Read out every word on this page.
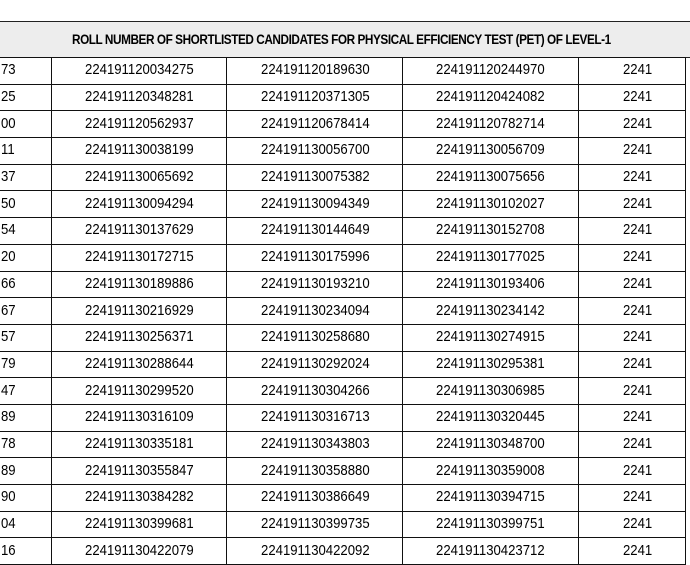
ROLL NUMBER OF SHORTLISTED CANDIDATES FOR PHYSICAL EFFICIENCY TEST (PET) OF LEVEL-1
73	224191120034275	224191120189630	224191120244970	2241
25	224191120348281	224191120371305	224191120424082	2241
00	224191120562937	224191120678414	224191120782714	2241
11	224191130038199	224191130056700	224191130056709	2241
37	224191130065692	224191130075382	224191130075656	2241
50	224191130094294	224191130094349	224191130102027	2241
54	224191130137629	224191130144649	224191130152708	2241
20	224191130172715	224191130175996	224191130177025	2241
66	224191130189886	224191130193210	224191130193406	2241
67	224191130216929	224191130234094	224191130234142	2241
57	224191130256371	224191130258680	224191130274915	2241
79	224191130288644	224191130292024	224191130295381	2241
47	224191130299520	224191130304266	224191130306985	2241
89	224191130316109	224191130316713	224191130320445	2241
78	224191130335181	224191130343803	224191130348700	2241
89	224191130355847	224191130358880	224191130359008	2241
90	224191130384282	224191130386649	224191130394715	2241
04	224191130399681	224191130399735	224191130399751	2241
16	224191130422079	224191130422092	224191130423712	2241
